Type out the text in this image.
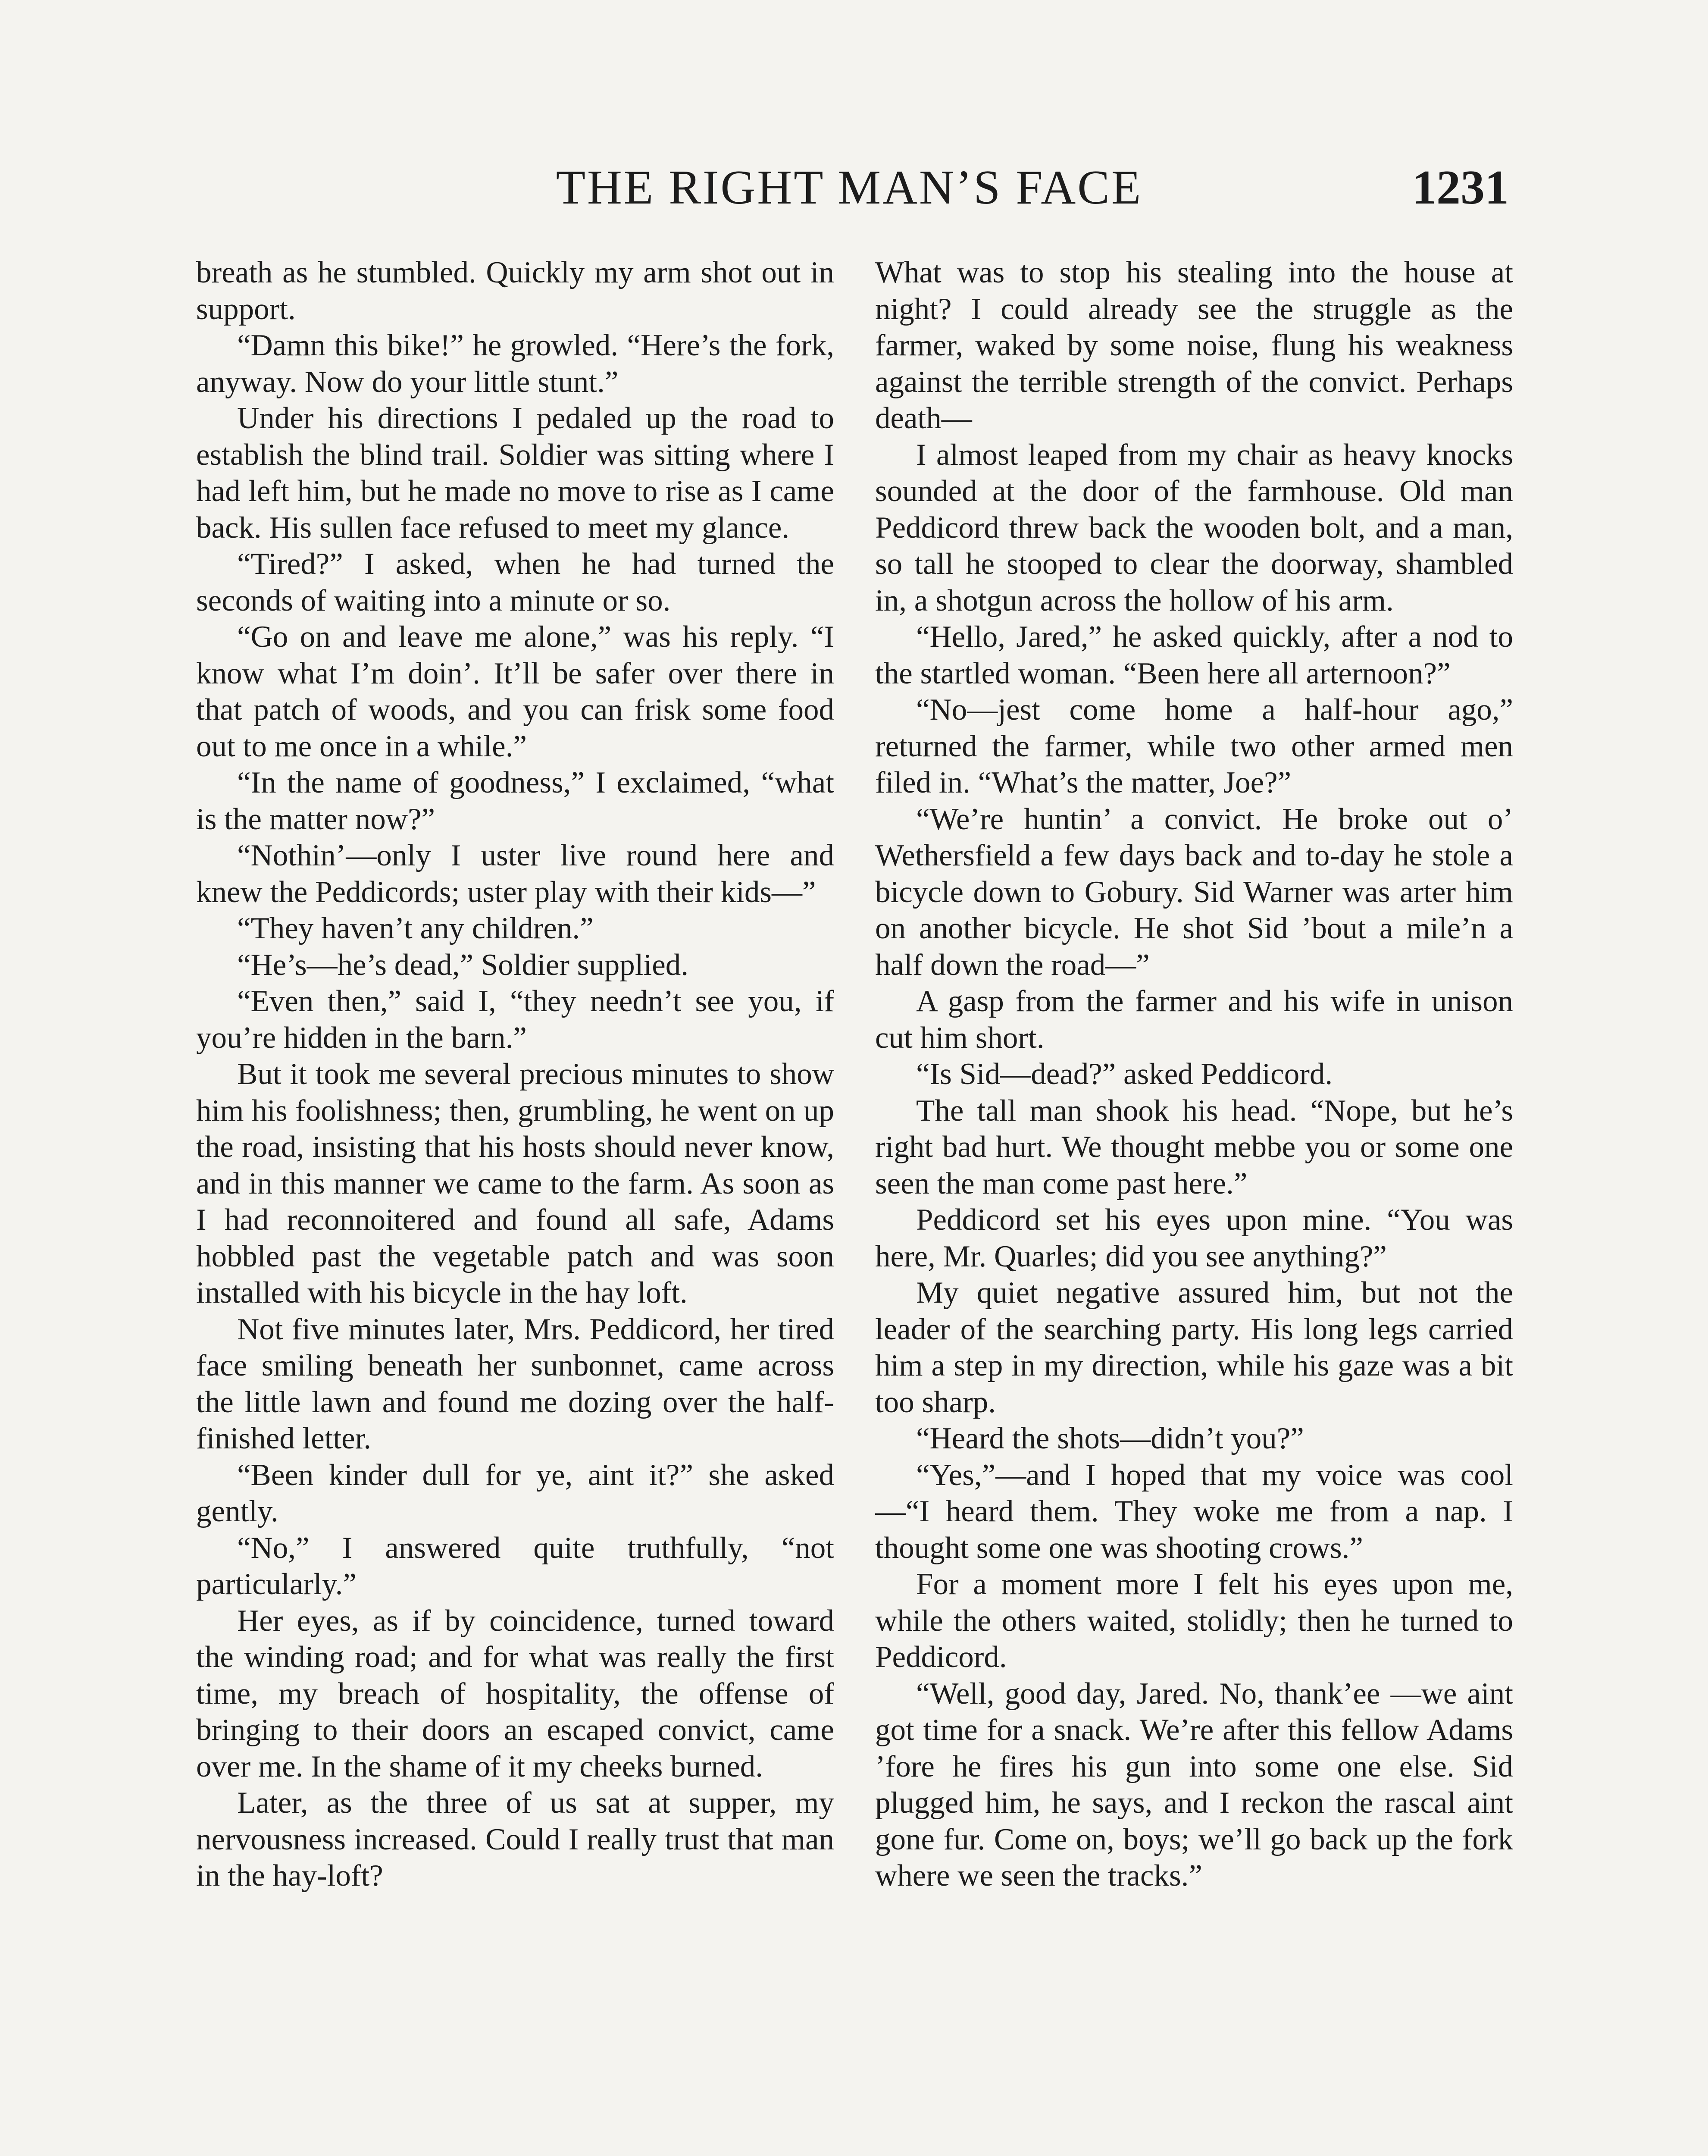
THE RIGHT MAN’S FACE	1231

breath as he stumbled. Quickly my arm shot out in support.

“Damn this bike!” he growled. “Here’s the fork, anyway. Now do your little stunt.”

Under his directions I pedaled up the road to establish the blind trail. Soldier was sitting where I had left him, but he made no move to rise as I came back. His sullen face refused to meet my glance.

“Tired?” I asked, when he had turned the seconds of waiting into a minute or so.

“Go on and leave me alone,” was his reply. “I know what I’m doin’. It’ll be safer over there in that patch of woods, and you can frisk some food out to me once in a while.”

“In the name of goodness,” I exclaimed, “what is the matter now?”

“Nothin’—only I uster live round here and knew the Peddicords; uster play with their kids—”

“They haven’t any children.”

“He’s—he’s dead,” Soldier supplied.

“Even then,” said I, “they needn’t see you, if you’re hidden in the barn.”

But it took me several precious minutes to show him his foolishness; then, grumbling, he went on up the road, insisting that his hosts should never know, and in this manner we came to the farm. As soon as I had reconnoitered and found all safe, Adams hobbled past the vegetable patch and was soon installed with his bicycle in the hay loft.

Not five minutes later, Mrs. Peddicord, her tired face smiling beneath her sunbonnet, came across the little lawn and found me dozing over the half-finished letter.

“Been kinder dull for ye, aint it?” she asked gently.

“No,” I answered quite truthfully, “not particularly.”

Her eyes, as if by coincidence, turned toward the winding road; and for what was really the first time, my breach of hospitality, the offense of bringing to their doors an escaped convict, came over me. In the shame of it my cheeks burned.

Later, as the three of us sat at supper, my nervousness increased. Could I really trust that man in the hay-loft?

What was to stop his stealing into the house at night? I could already see the struggle as the farmer, waked by some noise, flung his weakness against the terrible strength of the convict. Perhaps death—

I almost leaped from my chair as heavy knocks sounded at the door of the farmhouse. Old man Peddicord threw back the wooden bolt, and a man, so tall he stooped to clear the doorway, shambled in, a shotgun across the hollow of his arm.

“Hello, Jared,” he asked quickly, after a nod to the startled woman. “Been here all arternoon?”

“No—jest come home a half-hour ago,” returned the farmer, while two other armed men filed in. “What’s the matter, Joe?”

“We’re huntin’ a convict. He broke out o’ Wethersfield a few days back and to-day he stole a bicycle down to Gobury. Sid Warner was arter him on another bicycle. He shot Sid ’bout a mile’n a half down the road—”

A gasp from the farmer and his wife in unison cut him short.

“Is Sid—dead?” asked Peddicord.

The tall man shook his head. “Nope, but he’s right bad hurt. We thought mebbe you or some one seen the man come past here.”

Peddicord set his eyes upon mine. “You was here, Mr. Quarles; did you see anything?”

My quiet negative assured him, but not the leader of the searching party. His long legs carried him a step in my direction, while his gaze was a bit too sharp.

“Heard the shots—didn’t you?”

“Yes,”—and I hoped that my voice was cool—“I heard them. They woke me from a nap. I thought some one was shooting crows.”

For a moment more I felt his eyes upon me, while the others waited, stolidly; then he turned to Peddicord.

“Well, good day, Jared. No, thank’ee —we aint got time for a snack. We’re after this fellow Adams ’fore he fires his gun into some one else. Sid plugged him, he says, and I reckon the rascal aint gone fur. Come on, boys; we’ll go back up the fork where we seen the tracks.”
